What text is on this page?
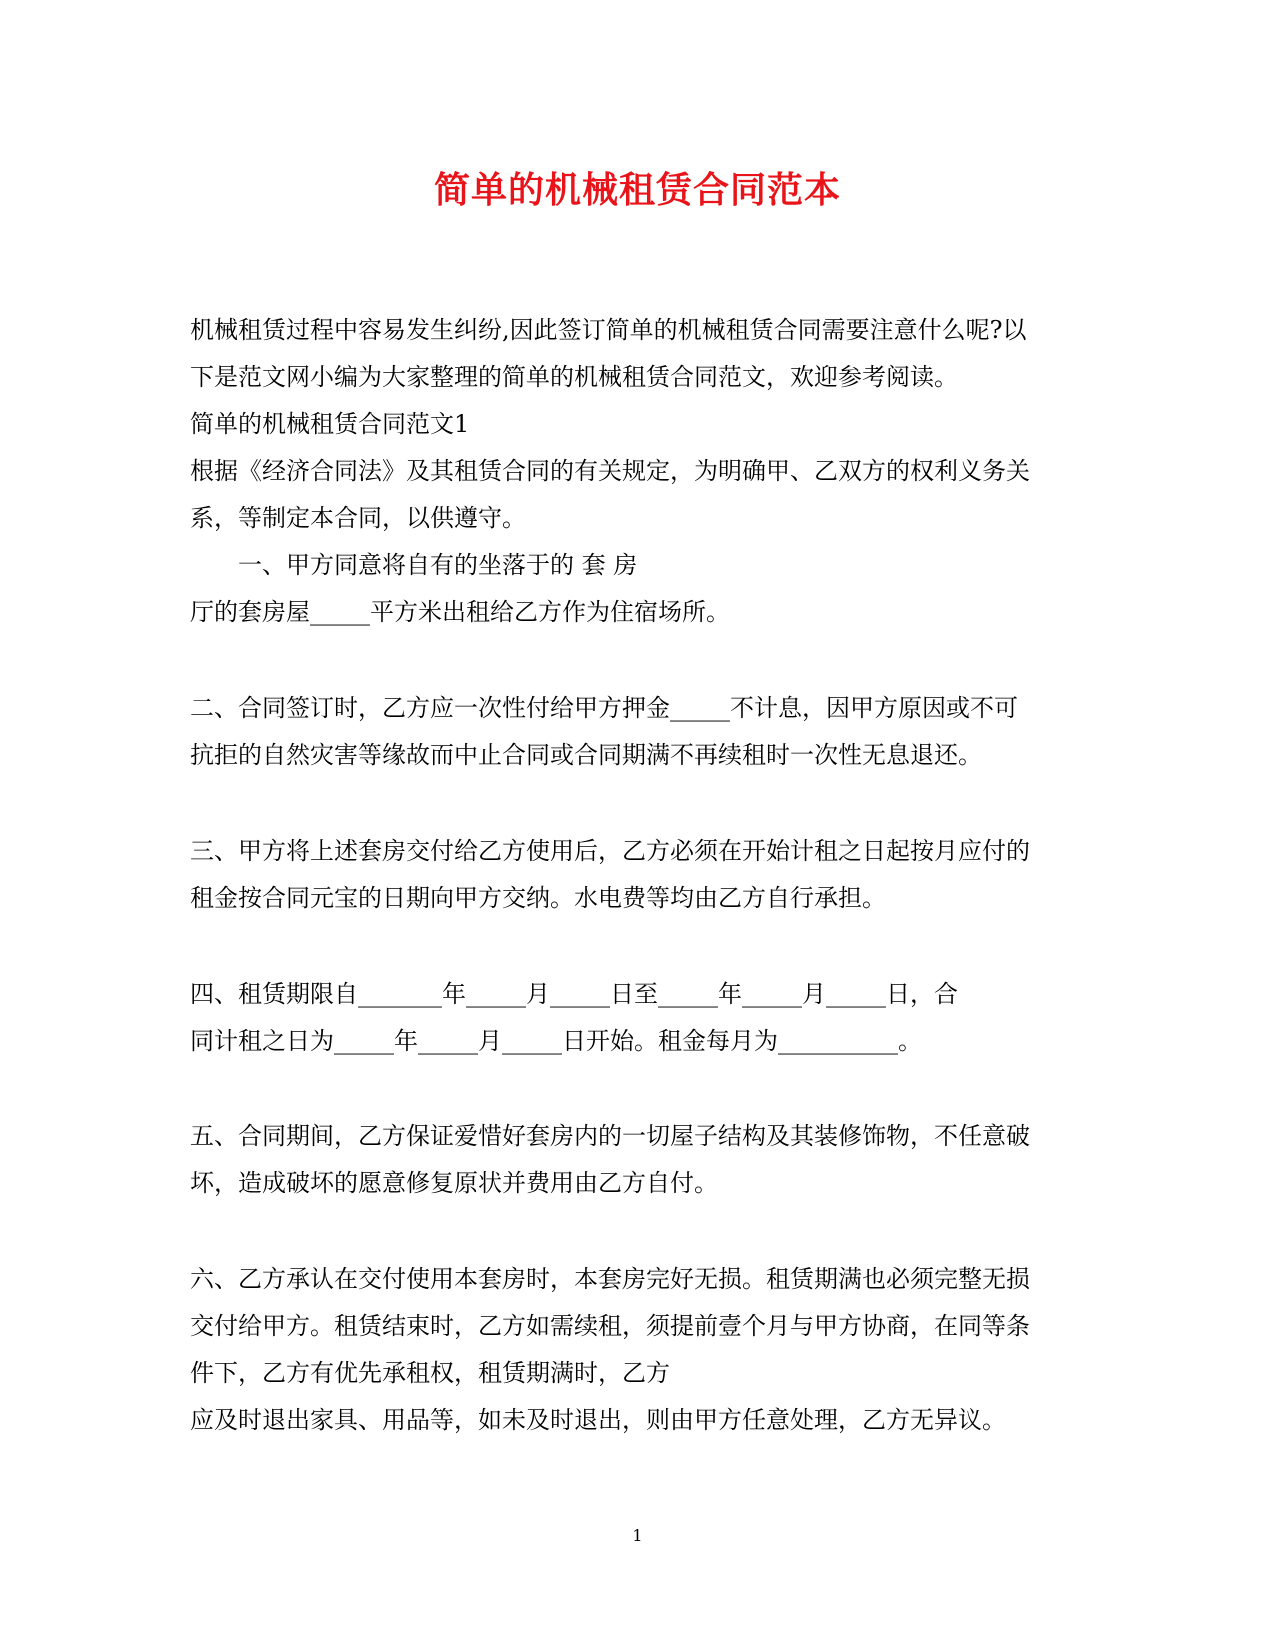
简单的机械租赁合同范本
机械租赁过程中容易发生纠纷,因此签订简单的机械租赁合同需要注意什么呢?以
下是范文网小编为大家整理的简单的机械租赁合同范文，欢迎参考阅读。
简单的机械租赁合同范文1
根据《经济合同法》及其租赁合同的有关规定，为明确甲、乙双方的权利义务关
系，等制定本合同，以供遵守。
　　一、甲方同意将自有的坐落于的 套 房
厅的套房屋_____平方米出租给乙方作为住宿场所。
二、合同签订时，乙方应一次性付给甲方押金_____不计息，因甲方原因或不可
抗拒的自然灾害等缘故而中止合同或合同期满不再续租时一次性无息退还。
三、甲方将上述套房交付给乙方使用后，乙方必须在开始计租之日起按月应付的
租金按合同元宝的日期向甲方交纳。水电费等均由乙方自行承担。
四、租赁期限自_______年_____月_____日至_____年_____月_____日，合
同计租之日为_____年_____月_____日开始。租金每月为__________。
五、合同期间，乙方保证爱惜好套房内的一切屋子结构及其装修饰物，不任意破
坏，造成破坏的愿意修复原状并费用由乙方自付。
六、乙方承认在交付使用本套房时，本套房完好无损。租赁期满也必须完整无损
交付给甲方。租赁结束时，乙方如需续租，须提前壹个月与甲方协商，在同等条
件下，乙方有优先承租权，租赁期满时，乙方
应及时退出家具、用品等，如未及时退出，则由甲方任意处理，乙方无异议。
1
